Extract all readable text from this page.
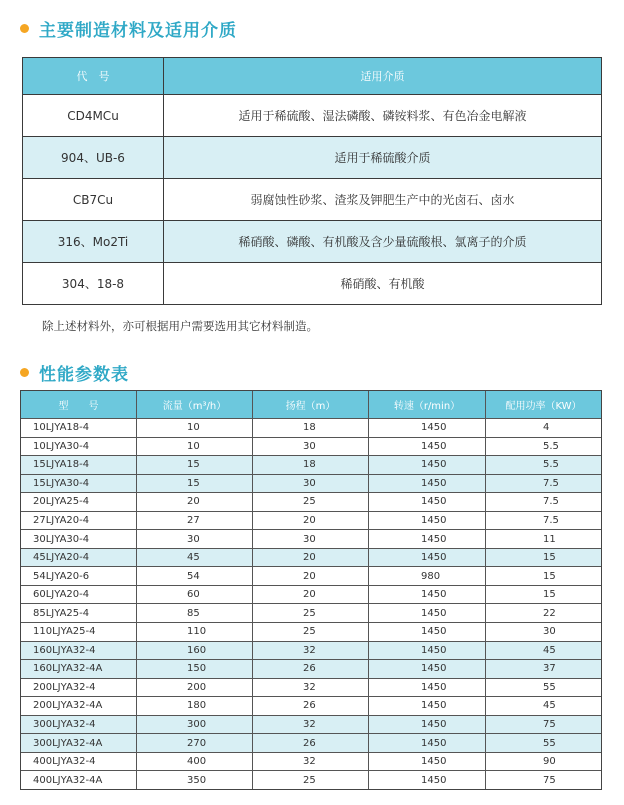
主要制造材料及适用介质
代　号	适用介质
CD4MCu	适用于稀硫酸、湿法磷酸、磷铵料浆、有色冶金电解液
904、UB-6	适用于稀硫酸介质
CB7Cu	弱腐蚀性砂浆、渣浆及钾肥生产中的光卤石、卤水
316、Mo2Ti	稀硝酸、磷酸、有机酸及含少量硫酸根、氯离子的介质
304、18-8	稀硝酸、有机酸
除上述材料外，亦可根据用户需要选用其它材料制造。
性能参数表
型　　号	流量（m³/h）	扬程（m）	转速（r/min）	配用功率（KW）
10LJYA18-4	10	18	1450	4
10LJYA30-4	10	30	1450	5.5
15LJYA18-4	15	18	1450	5.5
15LJYA30-4	15	30	1450	7.5
20LJYA25-4	20	25	1450	7.5
27LJYA20-4	27	20	1450	7.5
30LJYA30-4	30	30	1450	11
45LJYA20-4	45	20	1450	15
54LJYA20-6	54	20	980	15
60LJYA20-4	60	20	1450	15
85LJYA25-4	85	25	1450	22
110LJYA25-4	110	25	1450	30
160LJYA32-4	160	32	1450	45
160LJYA32-4A	150	26	1450	37
200LJYA32-4	200	32	1450	55
200LJYA32-4A	180	26	1450	45
300LJYA32-4	300	32	1450	75
300LJYA32-4A	270	26	1450	55
400LJYA32-4	400	32	1450	90
400LJYA32-4A	350	25	1450	75
